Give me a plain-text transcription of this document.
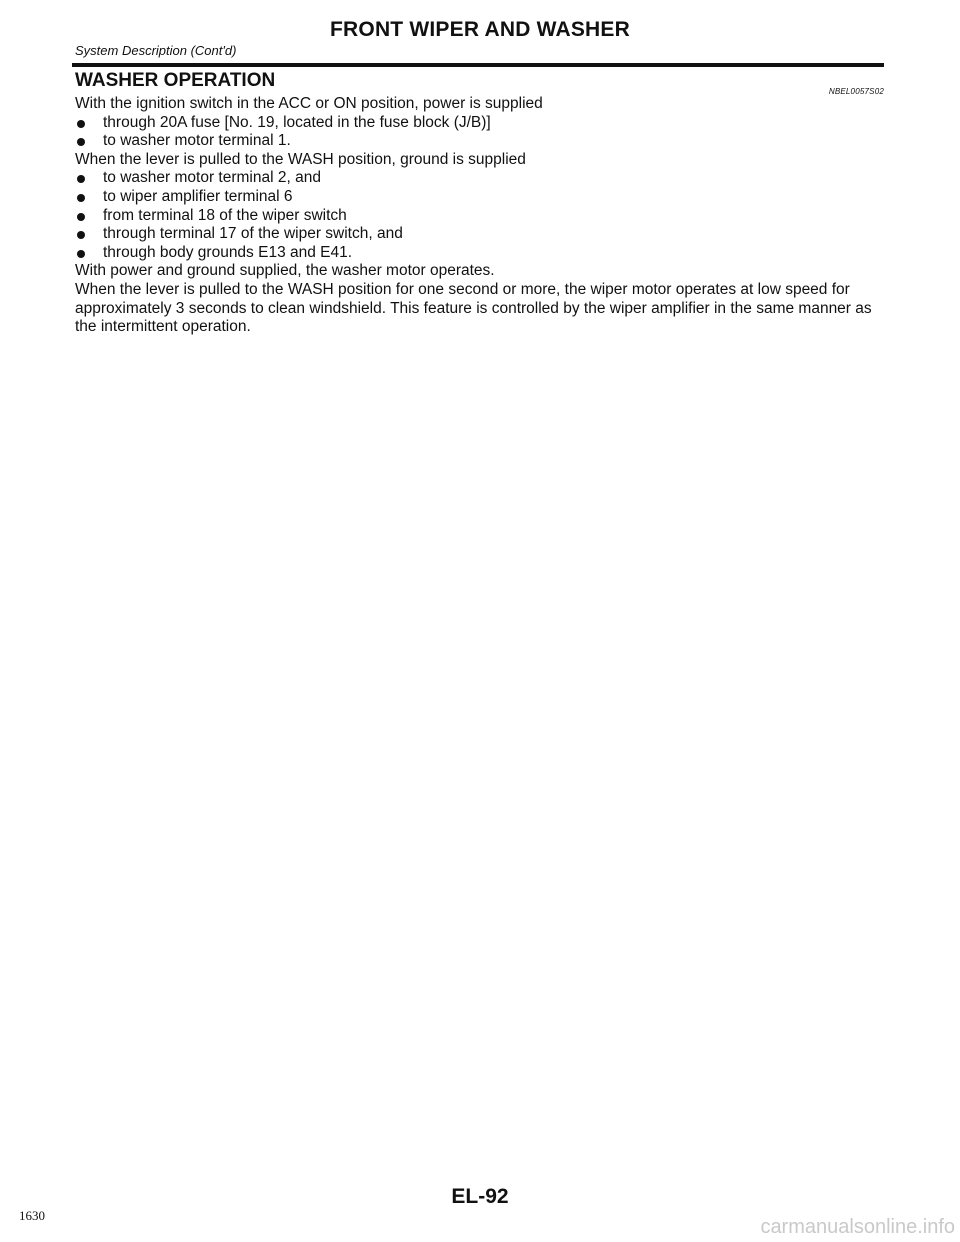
FRONT WIPER AND WASHER
System Description (Cont'd)
WASHER OPERATION
NBEL0057S02

With the ignition switch in the ACC or ON position, power is supplied

through 20A fuse [No. 19, located in the fuse block (J/B)]
to washer motor terminal 1.

When the lever is pulled to the WASH position, ground is supplied

to washer motor terminal 2, and
to wiper amplifier terminal 6
from terminal 18 of the wiper switch
through terminal 17 of the wiper switch, and
through body grounds E13 and E41.

With power and ground supplied, the washer motor operates.

When the lever is pulled to the WASH position for one second or more, the wiper motor operates at low speed for approximately 3 seconds to clean windshield. This feature is controlled by the wiper amplifier in the same manner as the intermittent operation.

EL-92
1630
carmanualsonline.info
